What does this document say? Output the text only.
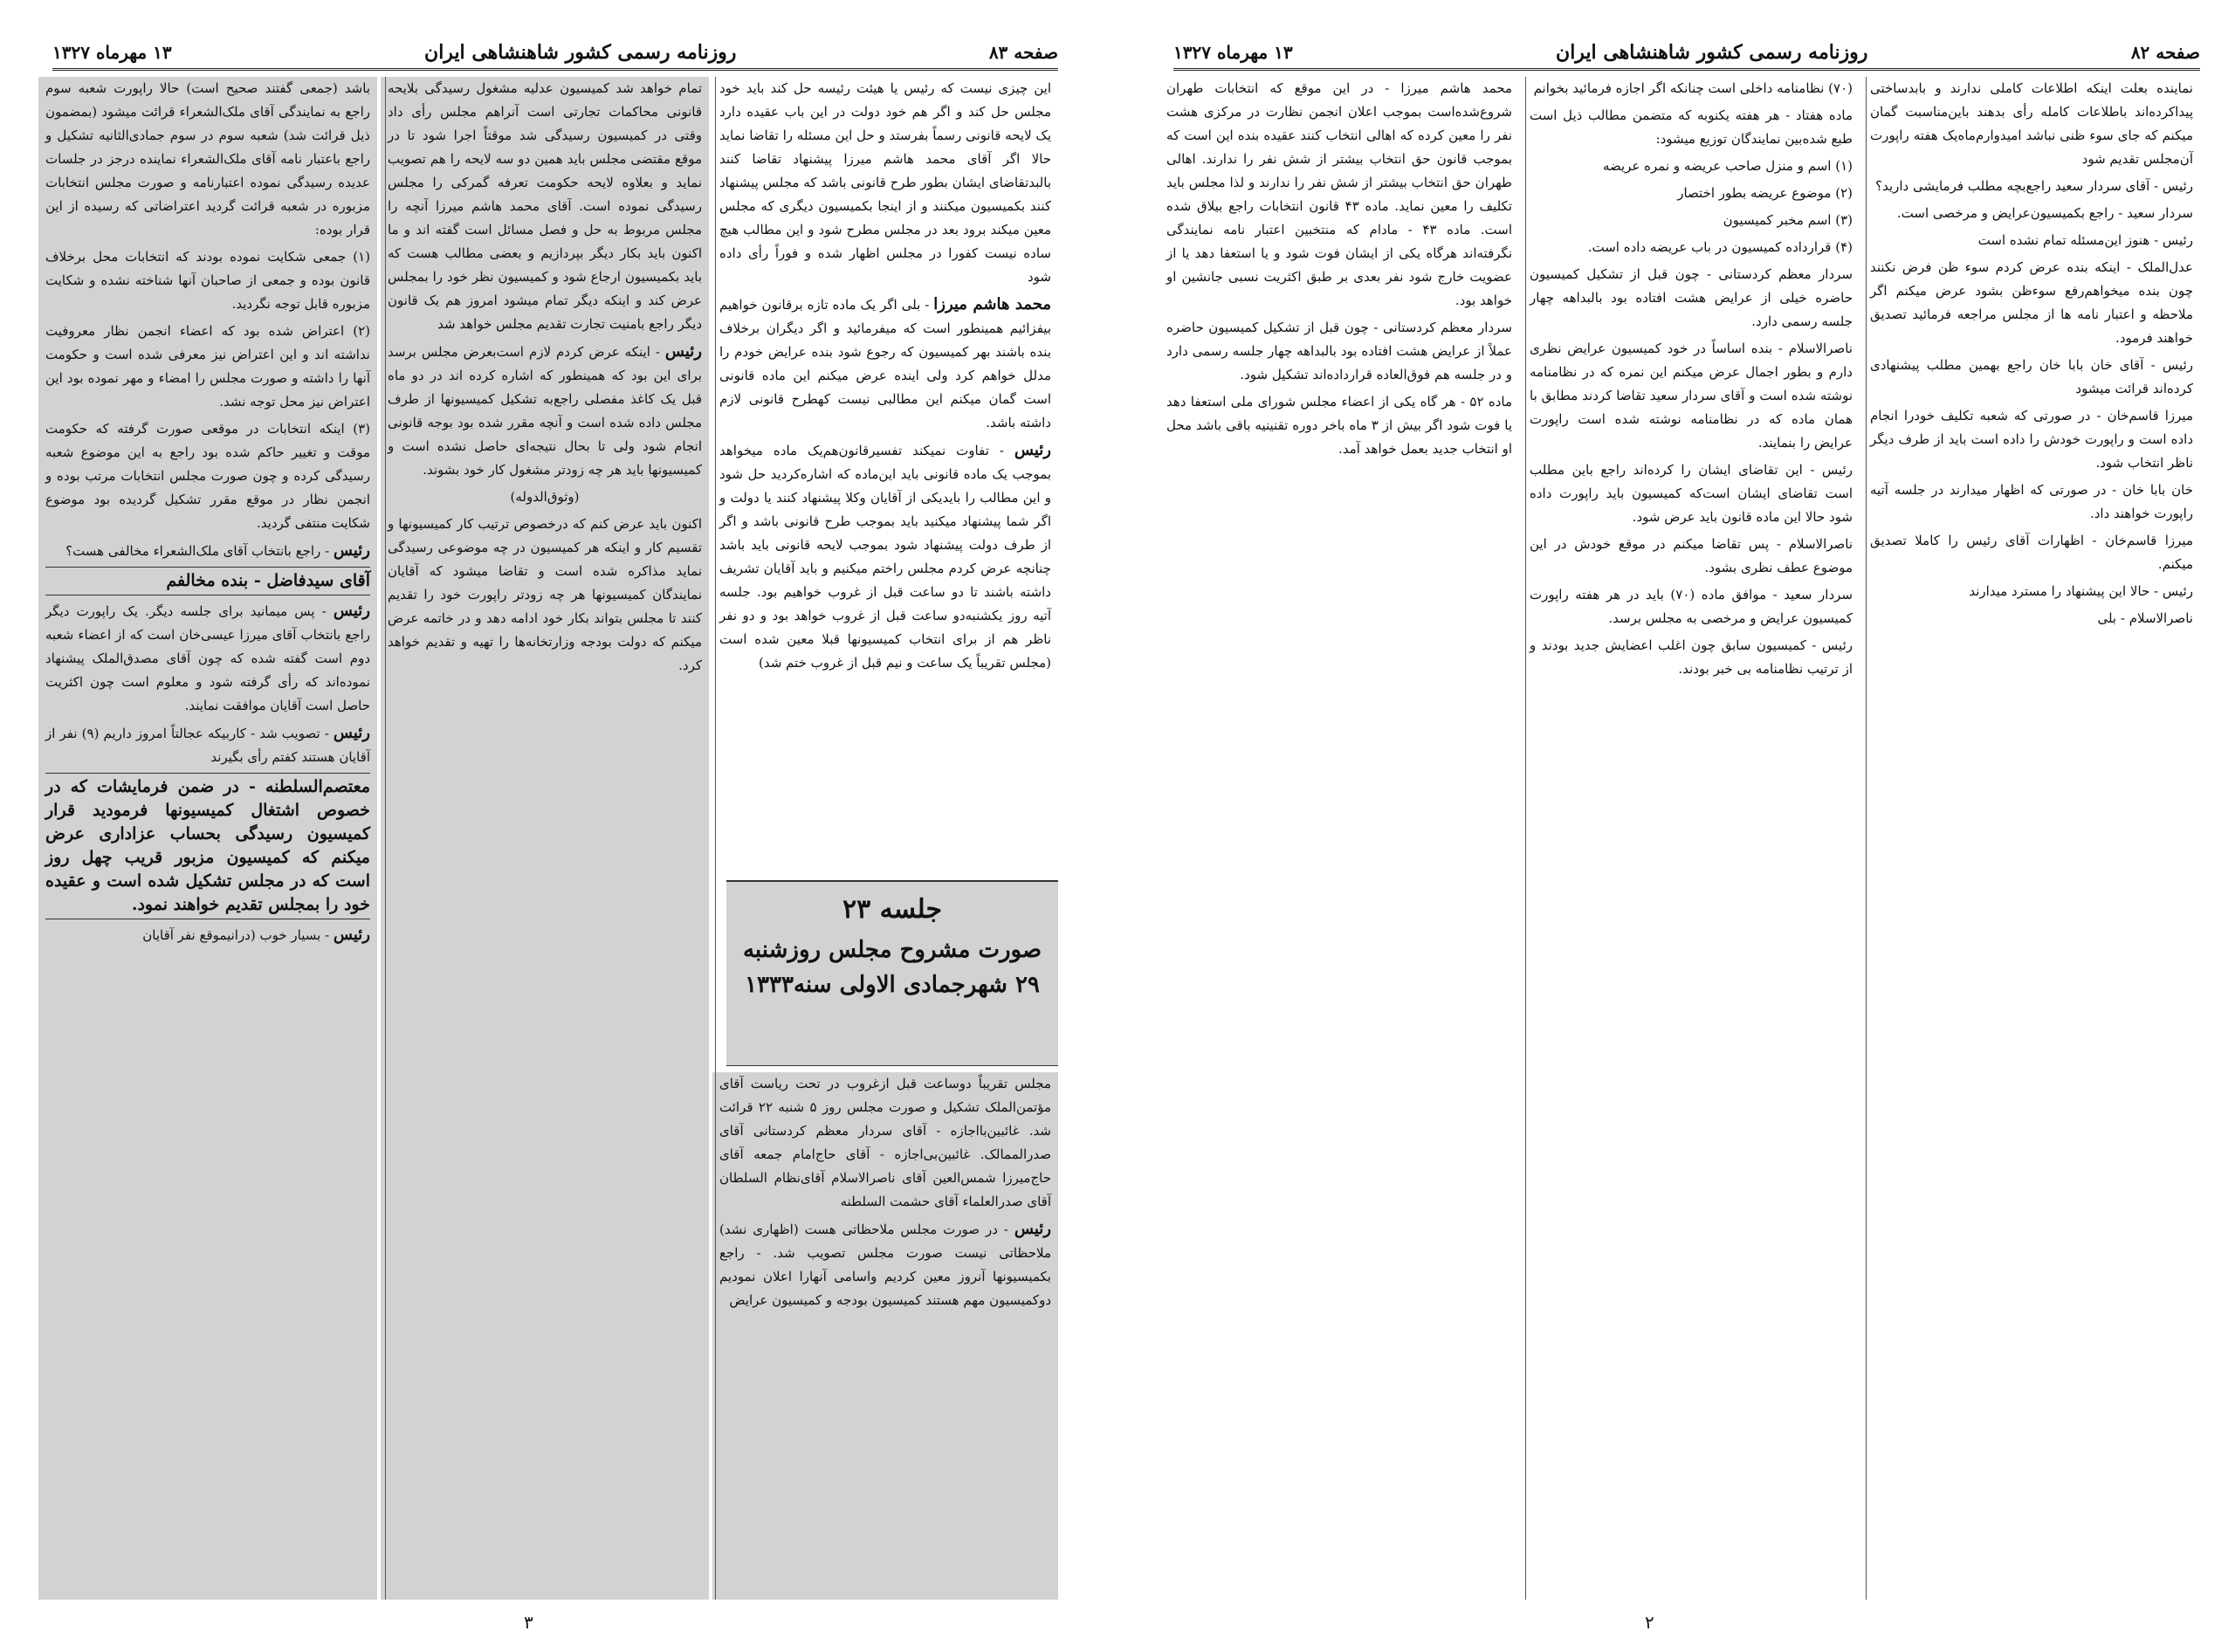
صفحه ۸۳
روزنامه رسمی کشور شاهنشاهی ایران
۱۳ مهرماه ۱۳۲۷

این چیزی نیست که رئیس یا هیئت رئیسه حل کند باید خود مجلس حل کند و اگر هم خود دولت در این باب عقیده دارد یک لایحه قانونی رسماً بفرستد و حل این مسئله را تقاضا نماید حالا اگر آقای محمد هاشم میرزا پیشنهاد تقاضا کنند بالبدتقاضای ایشان بطور طرح قانونی باشد که مجلس پیشنهاد کنند بکمیسیون میکنند و از اینجا بکمیسیون دیگری که مجلس معین میکند برود بعد در مجلس مطرح شود و این مطالب هیچ ساده نیست کفورا در مجلس اظهار شده و فوراً رأی داده شود

محمد هاشم میرزا - بلی اگر یک ماده تازه برقانون خواهیم بیفزائیم همینطور است که میفرمائید و اگر دیگران برخلاف بنده باشند بهر کمیسیون که رجوع شود بنده عرایض خودم را مدلل خواهم کرد ولی اینده عرض میکنم این ماده قانونی است گمان میکنم این مطالبی نیست کهطرح قانونی لازم داشته باشد.

رئیس - تفاوت نمیکند تفسیرقانون‌هم‌یک ماده میخواهد بموجب یک ماده قانونی باید این‌ماده که اشاره‌کردید حل شود و این مطالب را بایدیکی از آقایان وکلا پیشنهاد کنند یا دولت و اگر شما پیشنهاد میکنید باید بموجب طرح قانونی باشد و اگر از طرف دولت پیشنهاد شود بموجب لایحه قانونی باید باشد چنانچه عرض کردم مجلس راختم میکنیم و باید آقایان تشریف داشته باشند تا دو ساعت قبل از غروب خواهیم بود. جلسه آتیه روز یکشنبه‌دو ساعت قبل از غروب خواهد بود و دو نفر ناظر هم از برای انتخاب کمیسیونها قبلا معین شده است (مجلس تقریباً یک ساعت و نیم قبل از غروب ختم شد)

جلسه ۲۳
صورت مشروح مجلس روز‌شنبه
۲۹ شهرجمادی الاولی سنه۱۳۳۳

مجلس تقریباً دوساعت قبل از‌غروب در تحت ریاست آقای مؤتمن‌الملک تشکیل و صورت مجلس روز ۵ شنبه ۲۲ قرائت شد. غائبین‌بااجازه - آقای سردار معظم کردستانی آقای صدرالممالک. غائبین‌بی‌اجازه - آقای حاج‌امام جمعه آقای حاج‌میرزا شمس‌العین آقای ناصرالاسلام آقای‌نظام السلطان آقای صدرالعلماء آقای حشمت السلطنه

رئیس - در صورت مجلس ملاحظاتی هست (اظهاری نشد) ملاحظاتی نیست صورت مجلس تصویب شد. - راجع بکمیسیونها آنروز معین کردیم واسامی آنهارا اعلان نمودیم دوکمیسیون مهم هستند کمیسیون بودجه و کمیسیون عرایض

تمام خواهد شد کمیسیون عدلیه مشغول رسیدگی بلایحه قانونی محاکمات تجارتی است آنراهم مجلس رأی داد وقتی در کمیسیون رسیدگی شد موقتاً اجرا شود تا در موقع مقتضی مجلس باید همین دو سه لایحه را هم تصویب نماید و بعلاوه لایحه حکومت تعرفه گمرکی را مجلس رسیدگی نموده است. آقای محمد هاشم میرزا آنچه را مجلس مربوط به حل و فصل مسائل است گفته اند و ما اکنون باید بکار دیگر بپردازیم و بعضی مطالب هست که باید بکمیسیون ارجاع شود و کمیسیون نظر خود را بمجلس عرض کند و اینکه دیگر تمام میشود امروز هم یک قانون دیگر راجع بامنیت تجارت تقدیم مجلس خواهد شد

رئیس - اینکه عرض کردم لازم است‌بعرض مجلس برسد برای این بود که همینطور که اشاره کرده اند در دو ماه قبل یک کاغذ مفصلی راجع‌به تشکیل کمیسیونها از طرف مجلس داده شده است و آنچه مقرر شده بود بوجه قانونی انجام شود ولی تا بحال نتیجه‌ای حاصل نشده است و کمیسیونها باید هر چه زودتر مشغول کار خود بشوند.

(وثوق‌الدوله)

اکنون باید عرض کنم که درخصوص ترتیب کار کمیسیونها و تقسیم کار و اینکه هر کمیسیون در چه موضوعی رسیدگی نماید مذاکره شده است و تقاضا میشود که آقایان نمایندگان کمیسیونها هر چه زودتر راپورت خود را تقدیم کنند تا مجلس بتواند بکار خود ادامه دهد و در خاتمه عرض میکنم که دولت بودجه وزارتخانه‌ها را تهیه و تقدیم خواهد کرد.

باشد (جمعی گفتند صحیح است) حالا راپورت شعبه سوم راجع به نمایندگی آقای ملک‌الشعراء قرائت میشود (بمضمون ذیل قرائت شد) شعبه سوم در سوم جمادی‌الثانیه تشکیل و راجع باعتبار نامه آقای ملک‌الشعراء نماینده درجز در جلسات عدیده رسیدگی نموده اعتبارنامه و صورت مجلس انتخابات مزبوره در شعبه قرائت گردید اعتراضاتی که رسیده از این قرار بوده:

(۱) جمعی شکایت نموده بودند که انتخابات محل برخلاف قانون بوده و جمعی از صاحبان آنها شناخته نشده و شکایت مزبوره قابل توجه نگردید.

(۲) اعتراض شده بود که اعضاء انجمن نظار معروفیت نداشته اند و این اعتراض نیز معرفی شده است و حکومت آنها را داشته و صورت مجلس را امضاء و مهر نموده بود این اعتراض نیز محل توجه نشد.

(۳) اینکه انتخابات در موقعی صورت گرفته که حکومت موقت و تغییر حاکم شده بود راجع به این موضوع شعبه رسیدگی کرده و چون صورت مجلس انتخابات مرتب بوده و انجمن نظار در موقع مقرر تشکیل گردیده بود موضوع شکایت منتفی گردید.

رئیس - راجع بانتخاب آقای ملک‌الشعراء مخالفی هست؟

آقای سیدفاضل - بنده مخالفم

رئیس - پس میمانید برای جلسه دیگر. یک راپورت دیگر راجع بانتخاب آقای میرزا عیسی‌خان است که از اعضاء شعبه دوم است گفته شده که چون آقای مصدق‌الملک پیشنهاد نموده‌اند که رأی گرفته شود و معلوم است چون اکثریت حاصل است آقایان موافقت نمایند.

رئیس - تصویب شد - کاربیکه عجالتاً امروز داریم (۹) نفر از آقایان هستند کفتم رأی بگیرند

معتصم‌السلطنه - در ضمن فرمایشات که در خصوص اشتغال کمیسیونها فرمودید قرار کمیسیون رسیدگی بحساب عزاداری عرض میکنم که کمیسیون مزبور قریب چهل روز است که در مجلس تشکیل شده است و عقیده خود را بمجلس تقدیم خواهند نمود.

رئیس - بسیار خوب (درانیموقع نفر آقایان

۳
صفحه ۸۲
روزنامه رسمی کشور شاهنشاهی ایران
۱۳ مهرماه ۱۳۲۷

نماینده بعلت اینکه اطلاعات کاملی ندارند و بابدساختی پیداکرده‌اند باطلاعات کامله رأی بدهند باین‌مناسبت گمان میکنم که جای سوء ظنی نباشد امیدوارم‌ماه‌یک هفته راپورت آن‌مجلس تقدیم شود

رئیس - آقای سردار سعید راجع‌بچه مطلب فرمایشی دارید؟

سردار سعید - راجع بکمیسیون‌عرایض و مرخصی است.

رئیس - هنوز این‌مسئله تمام نشده است

عدل‌الملک - اینکه بنده عرض کردم سوء ظن فرض نکنند چون بنده میخواهم‌رفع سوءظن بشود عرض میکنم اگر ملاحظه و اعتبار نامه ها از مجلس مراجعه فرمائید تصدیق خواهند فرمود.

رئیس - آقای خان بابا خان راجع بهمین مطلب پیشنهادی کرده‌اند قرائت میشود

میرزا قاسم‌خان - در صورتی که شعبه تکلیف خودرا انجام داده است و راپورت خودش را داده است باید از طرف دیگر ناظر انتخاب شود.

خان بابا خان - در صورتی که اظهار میدارند در جلسه آتیه راپورت خواهند داد.

میرزا قاسم‌خان - اظهارات آقای رئیس را کاملا تصدیق میکنم.

رئیس - حالا این پیشنهاد را مسترد میدارند

ناصرالاسلام - بلی

(۷۰) نظامنامه داخلی است چنانکه اگر اجازه فرمائید بخوانم

ماده هفتاد - هر هفته یکنوبه که متضمن مطالب ذیل است طبع شده‌بین نمایندگان توزیع میشود:

(۱) اسم و منزل صاحب عریضه و نمره عریضه

(۲) موضوع عریضه بطور اختصار

(۳) اسم مخبر کمیسیون

(۴) قرارداده کمیسیون در باب عریضه داده است.

سردار معظم کردستانی - چون قبل از تشکیل کمیسیون حاضره خیلی از عرایض هشت افتاده بود بالبداهه چهار جلسه رسمی دارد.

ناصرالاسلام - بنده اساساً در خود کمیسیون عرایض نظری دارم و بطور اجمال عرض میکنم این نمره که در نظامنامه نوشته شده است و آقای سردار سعید تقاضا کردند مطابق با همان ماده که در نظامنامه نوشته شده است راپورت عرایض را بنمایند.

رئیس - این تقاضای ایشان را کرده‌اند راجع باین مطلب است تقاضای ایشان است‌که کمیسیون باید راپورت داده شود حالا این ماده قانون باید عرض شود.

ناصرالاسلام - پس تقاضا میکنم در موقع خودش در این موضوع عطف نظری بشود.

سردار سعید - موافق ماده (۷۰) باید در هر هفته راپورت کمیسیون عرایض و مرخصی به مجلس برسد.

رئیس - کمیسیون سابق چون اغلب اعضایش جدید بودند و از ترتیب نظامنامه بی خبر بودند.

محمد هاشم میرزا - در این موقع که انتخابات طهران شروع‌شده‌است بموجب اعلان انجمن نظارت در مرکزی هشت نفر را معین کرده که اهالی انتخاب کنند عقیده بنده این است که بموجب قانون حق انتخاب بیشتر از شش نفر را ندارند. اهالی طهران حق انتخاب بیشتر از شش نفر را ندارند و لذا مجلس باید تکلیف را معین نماید. ماده ۴۳ قانون انتخابات راجع بیلاق شده است. ماده ۴۳ - مادام که منتخبین اعتبار نامه نمایندگی نگرفته‌اند هرگاه یکی از ایشان فوت شود و یا استعفا دهد یا از عضویت خارج شود نفر بعدی بر طبق اکثریت نسبی جانشین او خواهد بود.

سردار معظم کردستانی - چون قبل از تشکیل کمیسیون حاضره عملاً از عرایض هشت افتاده بود بالبداهه چهار جلسه رسمی دارد و در جلسه هم فوق‌العاده قرارداده‌اند تشکیل شود.

ماده ۵۲ - هر گاه یکی از اعضاء مجلس شورای ملی استعفا دهد یا فوت شود اگر بیش از ۳ ماه باخر دوره تقنینیه باقی باشد محل او انتخاب جدید بعمل خواهد آمد.

۲
